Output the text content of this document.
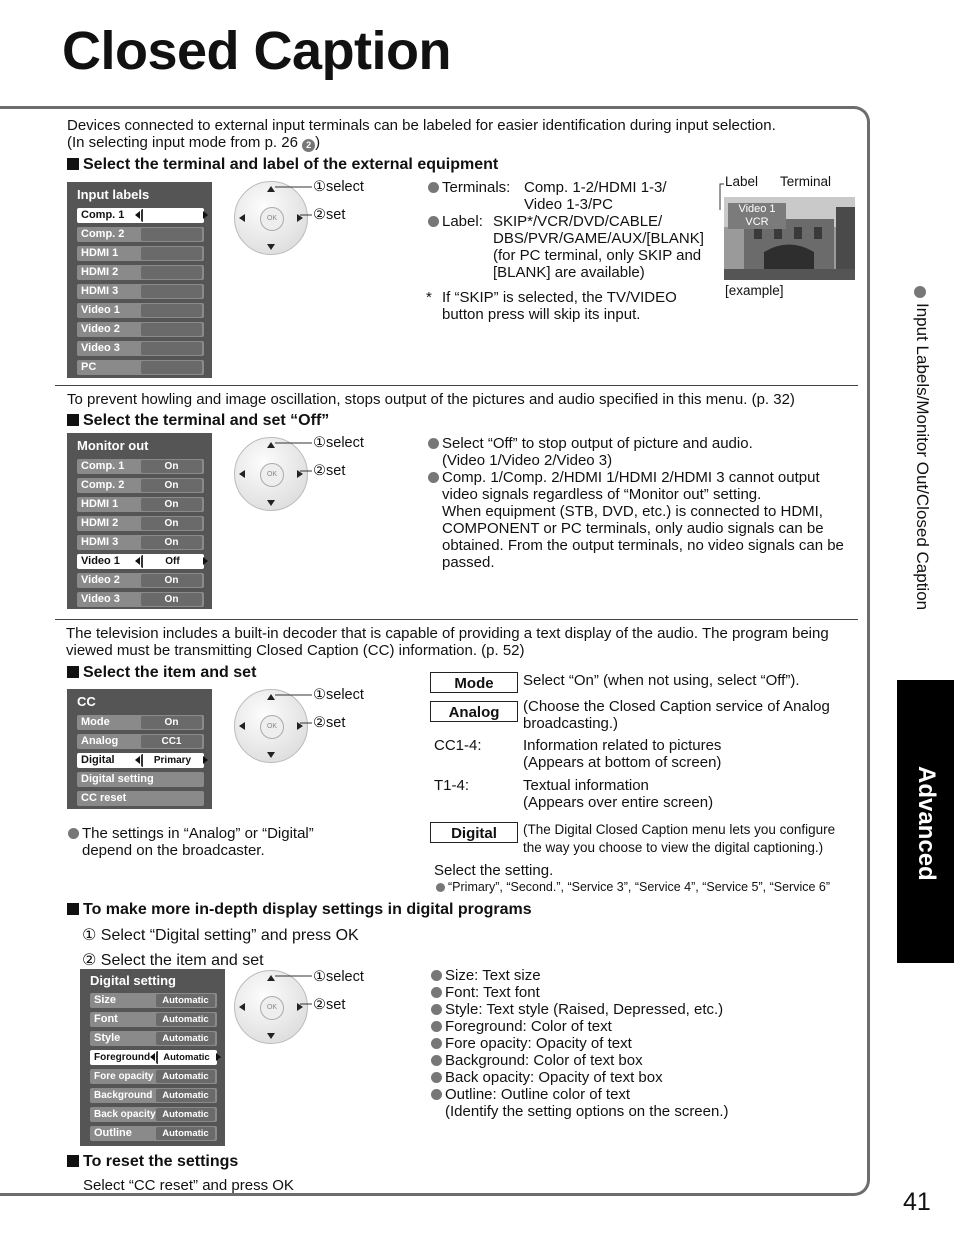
Closed Caption
Devices connected to external input terminals can be labeled for easier identification during input selection.
(In selecting input mode from p. 26 2 )
Select the terminal and label of the external equipment
Input labels
Comp. 1
Comp. 2
HDMI 1
HDMI 2
HDMI 3
Video 1
Video 2
Video 3
PC
OK
①select
②set
Terminals: Comp. 1-2/HDMI 1-3/
Video 1-3/PC
Label: SKIP*/VCR/DVD/CABLE/
DBS/PVR/GAME/AUX/[BLANK]
(for PC terminal, only SKIP and
[BLANK] are available)
* If “SKIP” is selected, the TV/VIDEO
button press will skip its input.
Label Terminal
Video 1
VCR
[example]
To prevent howling and image oscillation, stops output of the pictures and audio specified in this menu. (p. 32)
Select the terminal and set “Off”
Monitor out
Comp. 1	On
Comp. 2	On
HDMI 1	On
HDMI 2	On
HDMI 3	On
Video 1	Off
Video 2	On
Video 3	On
OK
①select
②set
Select “Off” to stop output of picture and audio.
(Video 1/Video 2/Video 3)
Comp. 1/Comp. 2/HDMI 1/HDMI 2/HDMI 3 cannot output
video signals regardless of “Monitor out” setting.
When equipment (STB, DVD, etc.) is connected to HDMI,
COMPONENT or PC terminals, only audio signals can be
obtained. From the output terminals, no video signals can be
passed.
The television includes a built-in decoder that is capable of providing a text display of the audio. The program being
viewed must be transmitting Closed Caption (CC) information. (p. 52)
Select the item and set
CC
Mode	On
Analog	CC1
Digital	Primary
Digital setting
CC reset
OK
①select
②set
The settings in “Analog” or “Digital”
depend on the broadcaster.
Mode	Select “On” (when not using, select “Off”).
Analog	(Choose the Closed Caption service of Analog
broadcasting.)
CC1-4:	Information related to pictures
(Appears at bottom of screen)
T1-4:	Textual information
(Appears over entire screen)
Digital	(The Digital Closed Caption menu lets you configure
the way you choose to view the digital captioning.)
Select the setting.
“Primary”, “Second.”, “Service 3”, “Service 4”, “Service 5”, “Service 6”
To make more in-depth display settings in digital programs
① Select “Digital setting” and press OK
② Select the item and set
Digital setting
Size	Automatic
Font	Automatic
Style	Automatic
Foreground	Automatic
Fore opacity Automatic
Background	Automatic
Back opacity Automatic
Outline	Automatic
OK
①select
②set
Size: Text size
Font: Text font
Style: Text style (Raised, Depressed, etc.)
Foreground: Color of text
Fore opacity: Opacity of text
Background: Color of text box
Back opacity: Opacity of text box
Outline: Outline color of text
(Identify the setting options on the screen.)
To reset the settings
Select “CC reset” and press OK
Input Labels/Monitor Out/Closed Caption
Advanced
41
